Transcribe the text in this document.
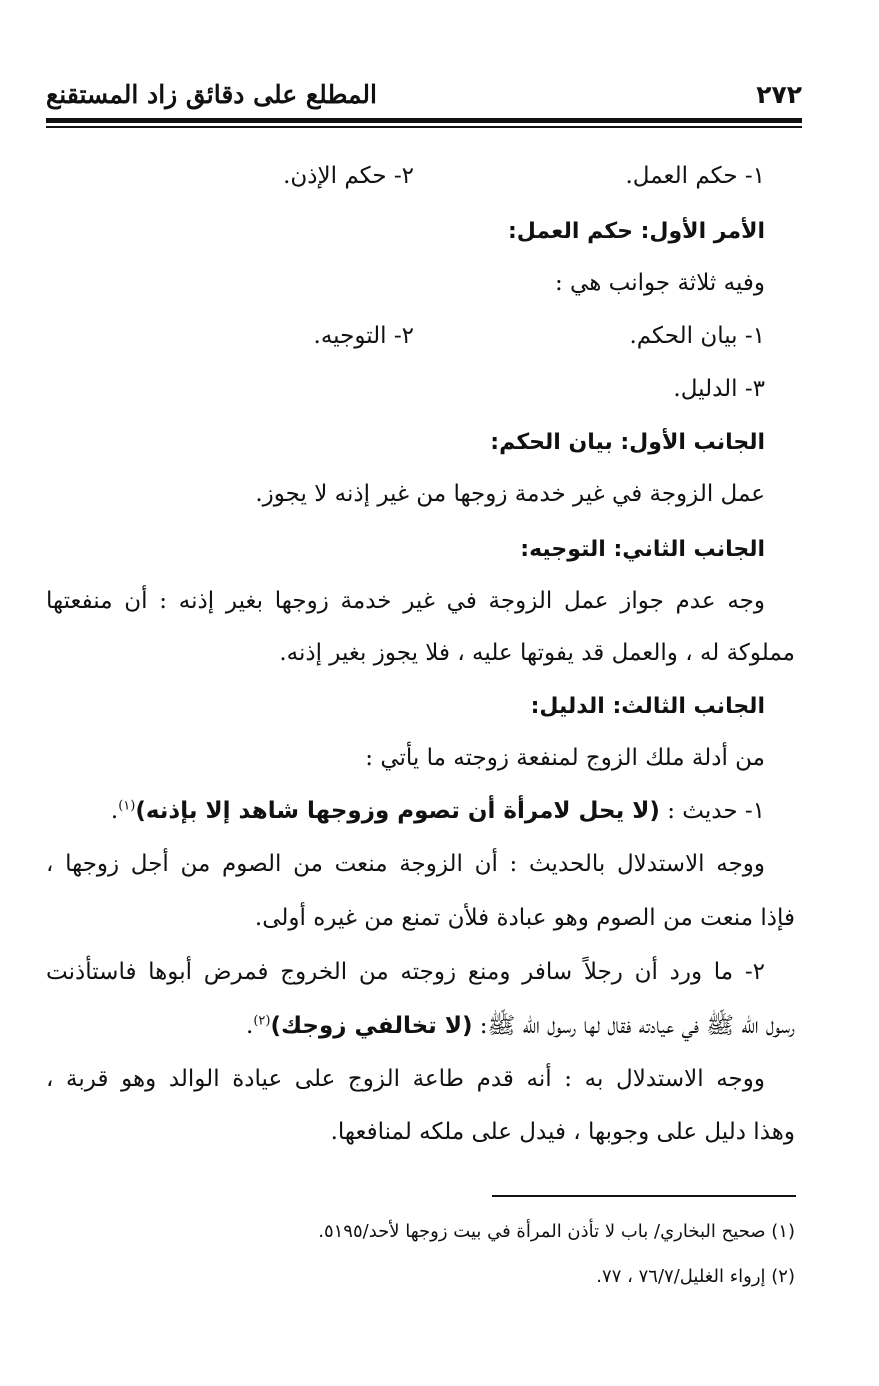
٢٧٢
المطلع على دقائق زاد المستقنع
١- حكم العمل.
٢- حكم الإذن.
الأمر الأول: حكم العمل:
وفيه ثلاثة جوانب هي :
١- بيان الحكم.
٢- التوجيه.
٣- الدليل.
الجانب الأول: بيان الحكم:
عمل الزوجة في غير خدمة زوجها من غير إذنه لا يجوز.
الجانب الثاني: التوجيه:
وجه عدم جواز عمل الزوجة في غير خدمة زوجها بغير إذنه : أن منفعتها
مملوكة له ، والعمل قد يفوتها عليه ، فلا يجوز بغير إذنه.
الجانب الثالث: الدليل:
من أدلة ملك الزوج لمنفعة زوجته ما يأتي :
١- حديث : (لا يحل لامرأة أن تصوم وزوجها شاهد إلا بإذنه)$^{(١)}$.
ووجه الاستدلال بالحديث : أن الزوجة منعت من الصوم من أجل زوجها ،
فإذا منعت من الصوم وهو عبادة فلأن تمنع من غيره أولى.
٢- ما ورد أن رجلاً سافر ومنع زوجته من الخروج فمرض أبوها فاستأذنت
رسول الله ﷺ في عيادته فقال لها رسول الله ﷺ: (لا تخالفي زوجك)$^{(٢)}$.
ووجه الاستدلال به : أنه قدم طاعة الزوج على عيادة الوالد وهو قربة ،
وهذا دليل على وجوبها ، فيدل على ملكه لمنافعها.
(١) صحيح البخاري/ باب لا تأذن المرأة في بيت زوجها لأحد/٥١٩٥.
(٢) إرواء الغليل/٧٦/٧ ، ٧٧.
